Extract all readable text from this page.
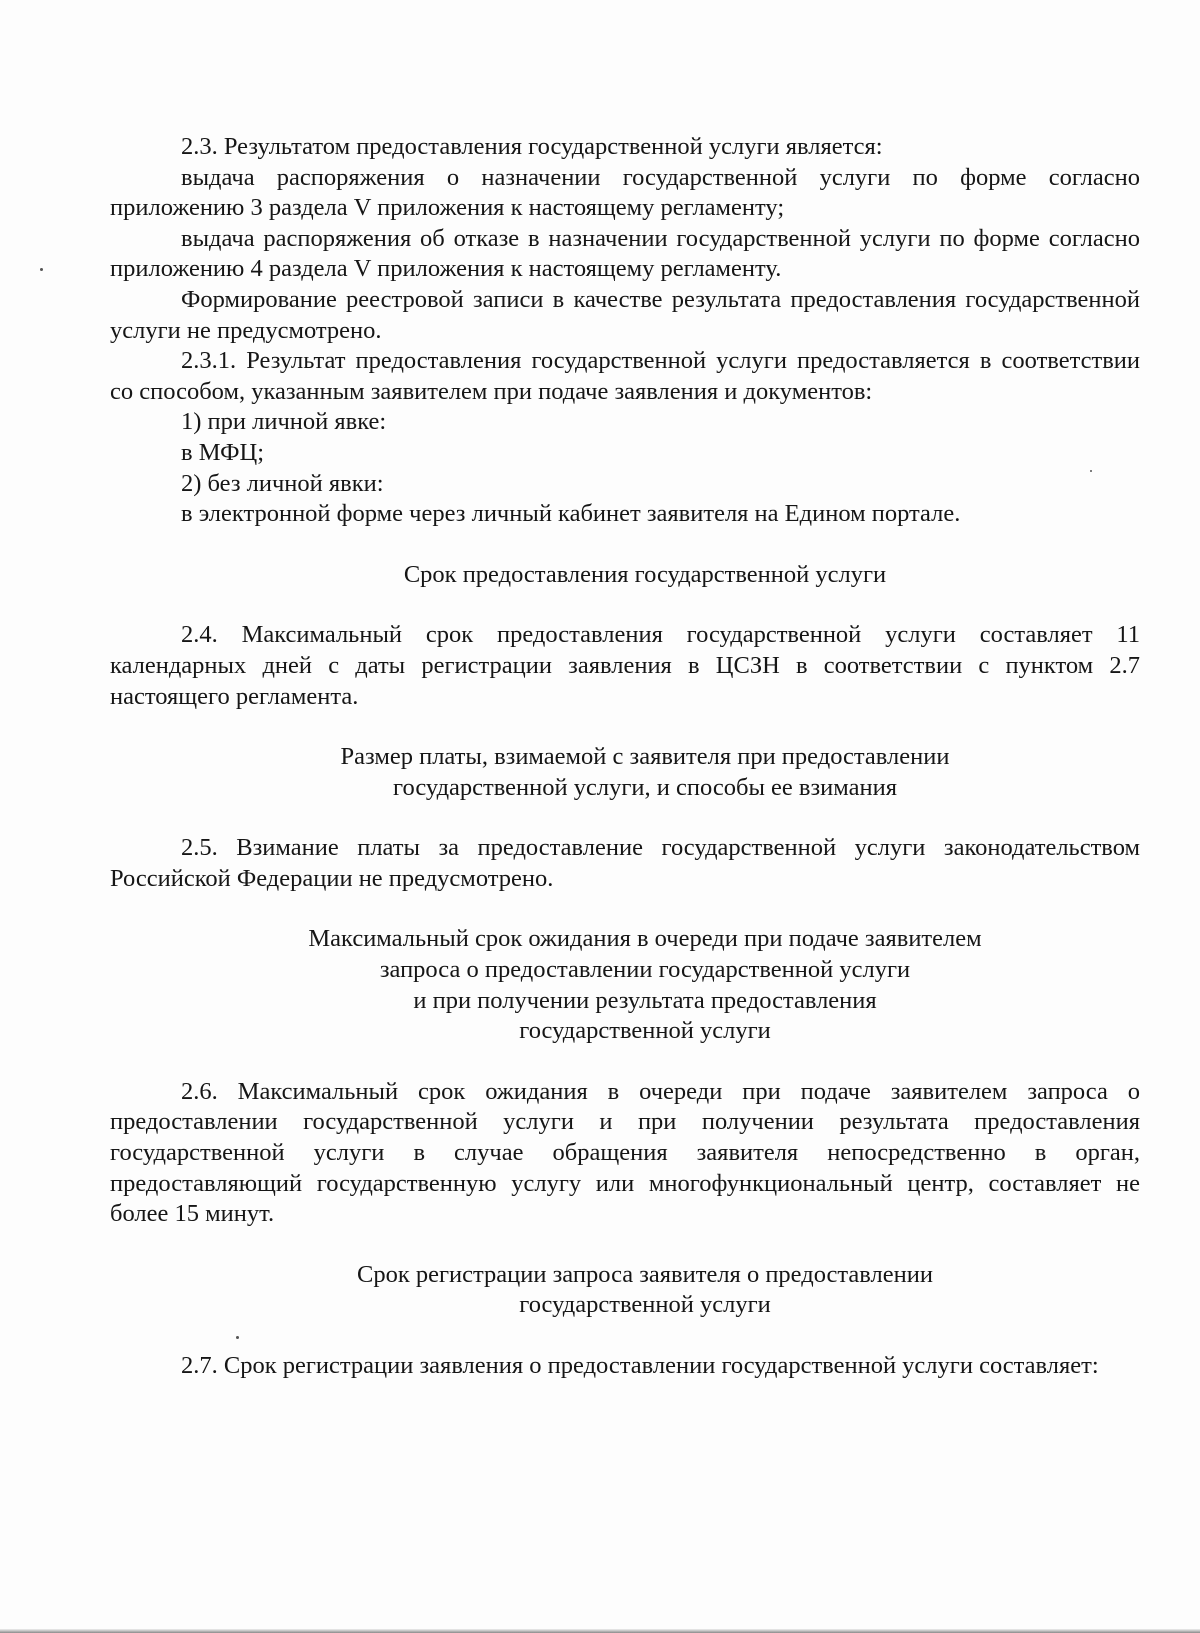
2.3. Результатом предоставления государственной услуги является:

выдача распоряжения о назначении государственной услуги по форме согласно приложению 3 раздела V приложения к настоящему регламенту;

выдача распоряжения об отказе в назначении государственной услуги по форме согласно приложению 4 раздела V приложения к настоящему регламенту.

Формирование реестровой записи в качестве результата предоставления государственной услуги не предусмотрено.

2.3.1. Результат предоставления государственной услуги предоставляется в соответствии со способом, указанным заявителем при подаче заявления и документов:

1) при личной явке:

в МФЦ;

2) без личной явки:

в электронной форме через личный кабинет заявителя на Едином портале.

Срок предоставления государственной услуги

2.4. Максимальный срок предоставления государственной услуги составляет 11 календарных дней с даты регистрации заявления в ЦСЗН в соответствии с пунктом 2.7 настоящего регламента.

Размер платы, взимаемой с заявителя при предоставлении

государственной услуги, и способы ее взимания

2.5. Взимание платы за предоставление государственной услуги законодательством Российской Федерации не предусмотрено.

Максимальный срок ожидания в очереди при подаче заявителем

запроса о предоставлении государственной услуги

и при получении результата предоставления

государственной услуги

2.6. Максимальный срок ожидания в очереди при подаче заявителем запроса о предоставлении государственной услуги и при получении результата предоставления государственной услуги в случае обращения заявителя непосредственно в орган, предоставляющий государственную услугу или многофункциональный центр, составляет не более 15 минут.

Срок регистрации запроса заявителя о предоставлении

государственной услуги

2.7. Срок регистрации заявления о предоставлении государственной услуги составляет:
